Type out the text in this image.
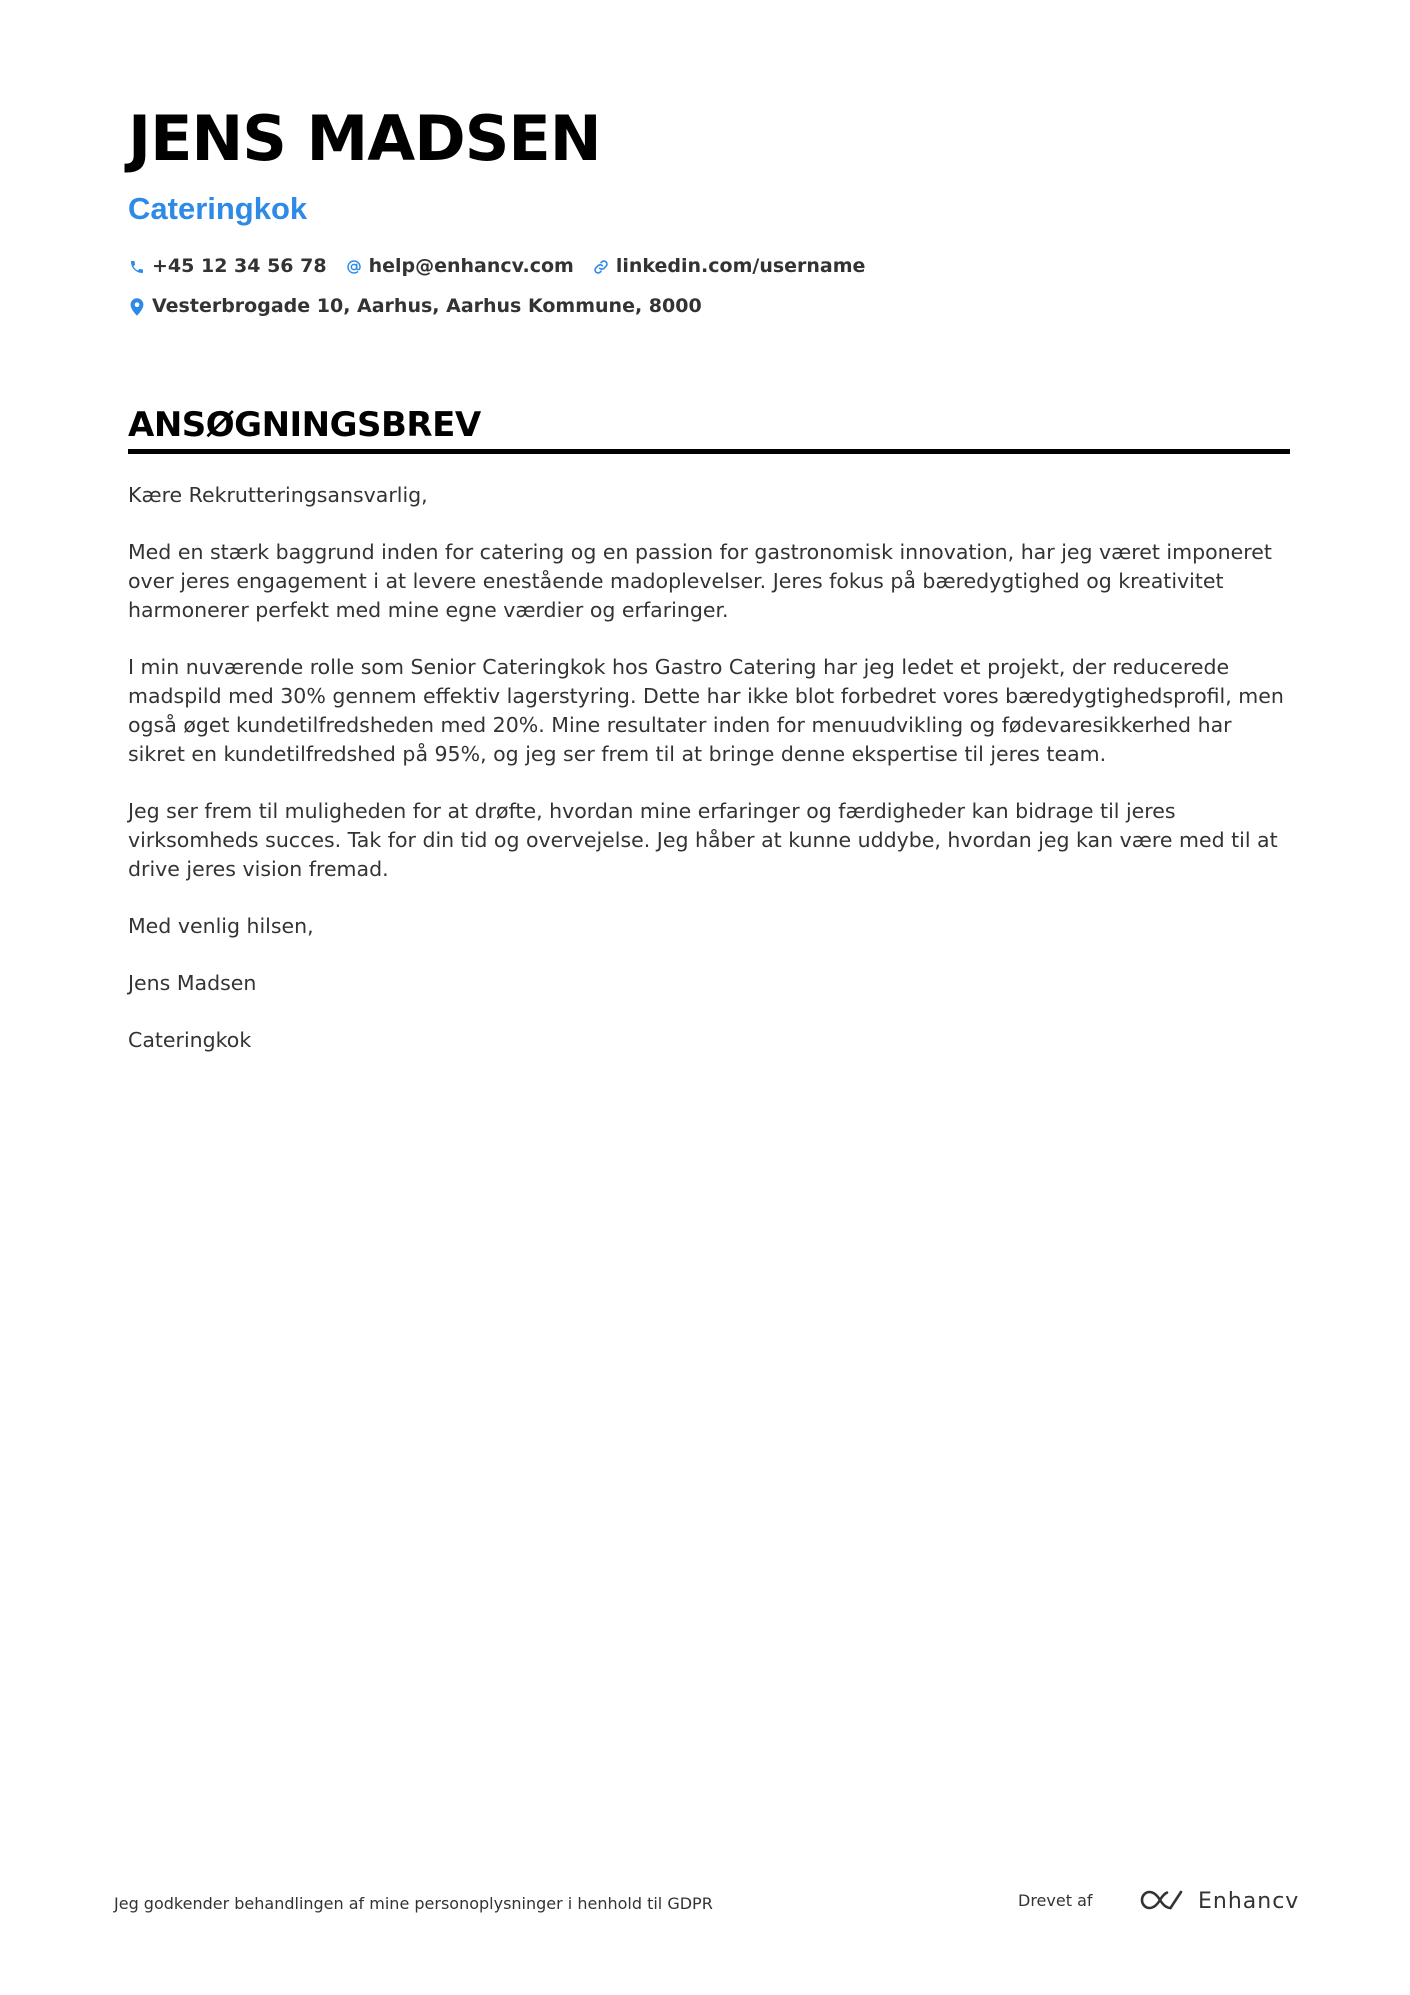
JENS MADSEN
Cateringkok
+45 12 34 56 78 help@enhancv.com linkedin.com/username
Vesterbrogade 10, Aarhus, Aarhus Kommune, 8000
ANSØGNINGSBREV

Kære Rekrutteringsansvarlig,

Med en stærk baggrund inden for catering og en passion for gastronomisk innovation, har jeg været imponeret over jeres engagement i at levere enestående madoplevelser. Jeres fokus på bæredygtighed og kreativitet harmonerer perfekt med mine egne værdier og erfaringer.

I min nuværende rolle som Senior Cateringkok hos Gastro Catering har jeg ledet et projekt, der reducerede madspild med 30% gennem effektiv lagerstyring. Dette har ikke blot forbedret vores bæredygtighedsprofil, men også øget kundetilfredsheden med 20%. Mine resultater inden for menuudvikling og fødevaresikkerhed har sikret en kundetilfredshed på 95%, og jeg ser frem til at bringe denne ekspertise til jeres team.

Jeg ser frem til muligheden for at drøfte, hvordan mine erfaringer og færdigheder kan bidrage til jeres virksomheds succes. Tak for din tid og overvejelse. Jeg håber at kunne uddybe, hvordan jeg kan være med til at drive jeres vision fremad.

Med venlig hilsen,

Jens Madsen

Cateringkok

Jeg godkender behandlingen af mine personoplysninger i henhold til GDPR	Drevet af	Enhancv
